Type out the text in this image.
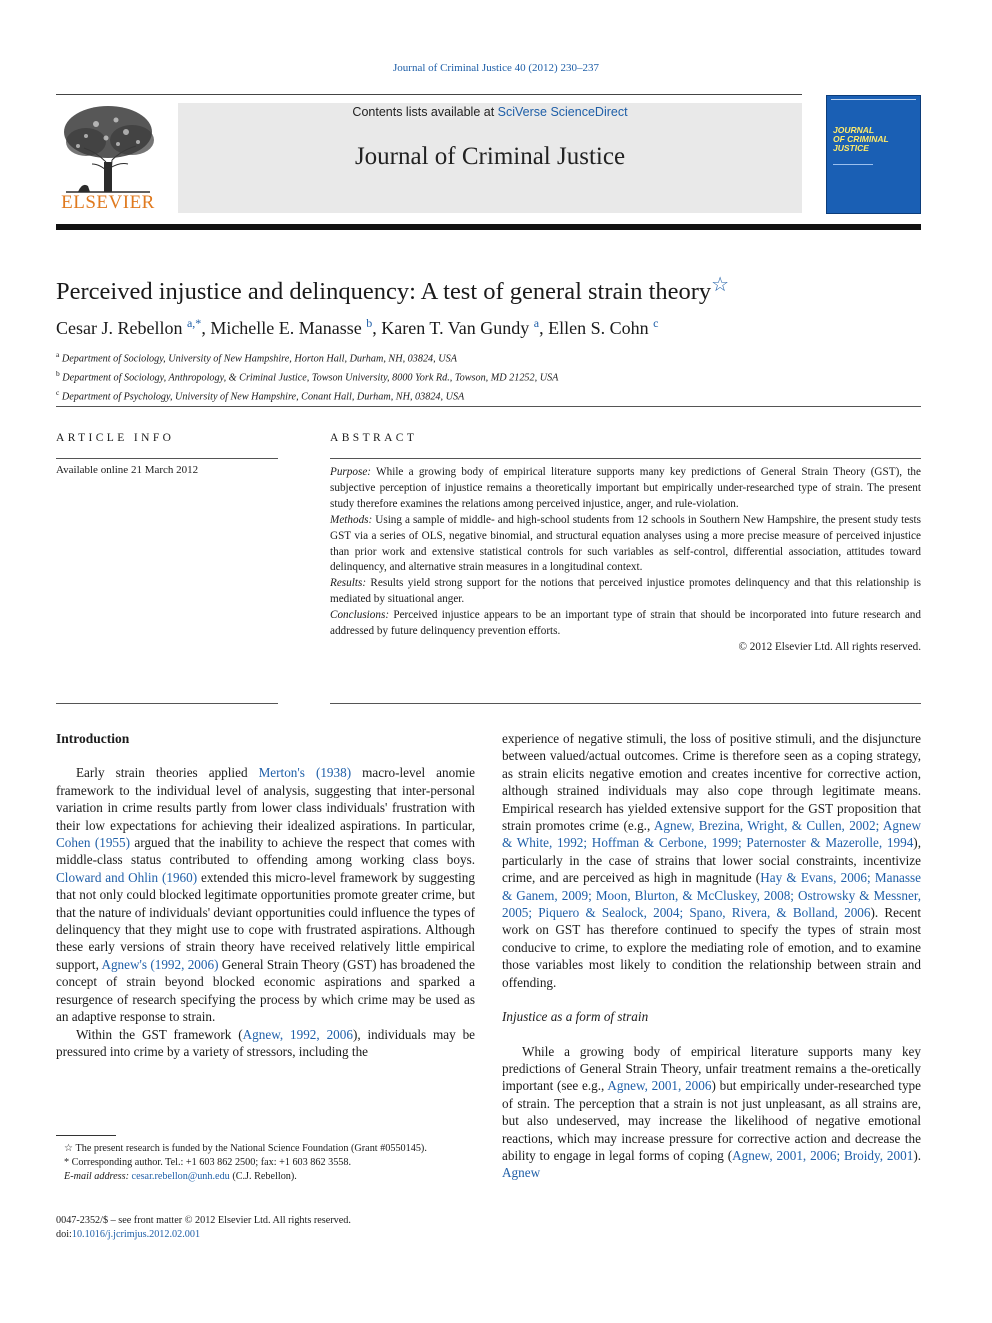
Journal of Criminal Justice 40 (2012) 230–237
ELSEVIER
Contents lists available at SciVerse ScienceDirect
Journal of Criminal Justice
JOURNAL
OF CRIMINAL
JUSTICE
Perceived injustice and delinquency: A test of general strain theory☆
Cesar J. Rebellon $^{a,*}$, Michelle E. Manasse $^b$, Karen T. Van Gundy $^a$, Ellen S. Cohn $^c$
$^a$ Department of Sociology, University of New Hampshire, Horton Hall, Durham, NH, 03824, USA
$^b$ Department of Sociology, Anthropology, & Criminal Justice, Towson University, 8000 York Rd., Towson, MD 21252, USA
$^c$ Department of Psychology, University of New Hampshire, Conant Hall, Durham, NH, 03824, USA
ARTICLE INFO	ABSTRACT
Available online 21 March 2012	Purpose: While a growing body of empirical literature supports many key predictions of General Strain Theory (GST), the subjective perception of injustice remains a theoretically important but empirically under-researched type of strain. The present study therefore examines the relations among perceived injustice, anger, and rule-violation.

Methods: Using a sample of middle- and high-school students from 12 schools in Southern New Hampshire, the present study tests GST via a series of OLS, negative binomial, and structural equation analyses using a more precise measure of perceived injustice than prior work and extensive statistical controls for such variables as self-control, differential association, attitudes toward delinquency, and alternative strain measures in a longitudinal context.

Results: Results yield strong support for the notions that perceived injustice promotes delinquency and that this relationship is mediated by situational anger.

Conclusions: Perceived injustice appears to be an important type of strain that should be incorporated into future research and addressed by future delinquency prevention efforts.

© 2012 Elsevier Ltd. All rights reserved.

Introduction

Early strain theories applied Merton's (1938) macro-level anomie framework to the individual level of analysis, suggesting that inter-personal variation in crime results partly from lower class individuals' frustration with their low expectations for achieving their idealized aspirations. In particular, Cohen (1955) argued that the inability to achieve the respect that comes with middle-class status contributed to offending among working class boys. Cloward and Ohlin (1960) extended this micro-level framework by suggesting that not only could blocked legitimate opportunities promote greater crime, but that the nature of individuals' deviant opportunities could influence the types of delinquency that they might use to cope with frustrated aspirations. Although these early versions of strain theory have received relatively little empirical support, Agnew's (1992, 2006) General Strain Theory (GST) has broadened the concept of strain beyond blocked economic aspirations and sparked a resurgence of research specifying the process by which crime may be used as an adaptive response to strain.

Within the GST framework (Agnew, 1992, 2006), individuals may be pressured into crime by a variety of stressors, including the

experience of negative stimuli, the loss of positive stimuli, and the disjuncture between valued/actual outcomes. Crime is therefore seen as a coping strategy, as strain elicits negative emotion and creates incentive for corrective action, although strained individuals may also cope through legitimate means. Empirical research has yielded extensive support for the GST proposition that strain promotes crime (e.g., Agnew, Brezina, Wright, & Cullen, 2002; Agnew & White, 1992; Hoffman & Cerbone, 1999; Paternoster & Mazerolle, 1994), particularly in the case of strains that lower social constraints, incentivize crime, and are perceived as high in magnitude (Hay & Evans, 2006; Manasse & Ganem, 2009; Moon, Blurton, & McCluskey, 2008; Ostrowsky & Messner, 2005; Piquero & Sealock, 2004; Spano, Rivera, & Bolland, 2006). Recent work on GST has therefore continued to specify the types of strain most conducive to crime, to explore the mediating role of emotion, and to examine those variables most likely to condition the relationship between strain and offending.

Injustice as a form of strain

While a growing body of empirical literature supports many key predictions of General Strain Theory, unfair treatment remains a the-oretically important (see e.g., Agnew, 2001, 2006) but empirically under-researched type of strain. The perception that a strain is not just unpleasant, as all strains are, but also undeserved, may increase the likelihood of negative emotional reactions, which may increase pressure for corrective action and decrease the ability to engage in legal forms of coping (Agnew, 2001, 2006; Broidy, 2001). Agnew

☆ The present research is funded by the National Science Foundation (Grant #0550145).
* Corresponding author. Tel.: +1 603 862 2500; fax: +1 603 862 3558.
E-mail address: cesar.rebellon@unh.edu (C.J. Rebellon).
0047-2352/$ – see front matter © 2012 Elsevier Ltd. All rights reserved.
doi:10.1016/j.jcrimjus.2012.02.001
